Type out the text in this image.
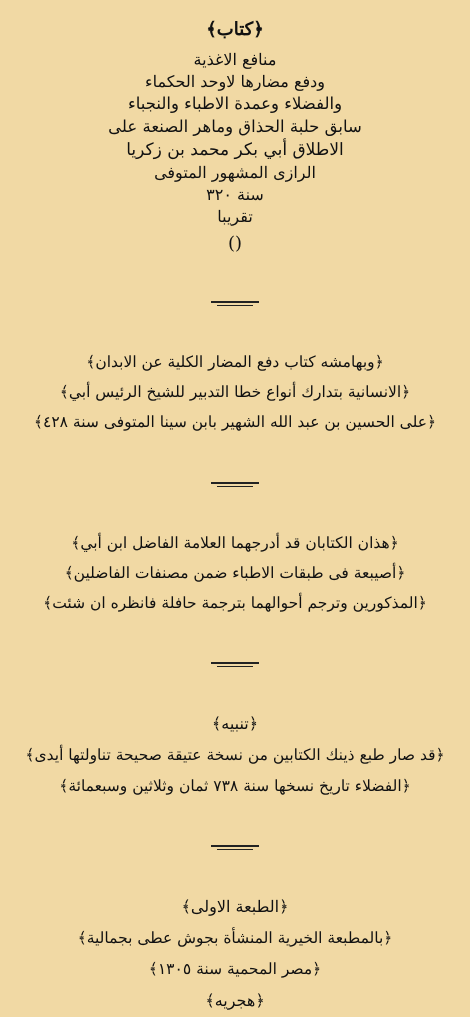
﴿كتاب﴾
منافع الاغذية
ودفع مضارها لاوحد الحكماء
والفضلاء وعمدة الاطباء والنجباء
سابق حلبة الحذاق وماهر الصنعة على
الاطلاق أبي بكر محمد بن زكريا
الرازى المشهور المتوفى
سنة ٣٢٠
تقريبا
()
﴿وبهامشه كتاب دفع المضار الكلية عن الابدان﴾
﴿الانسانية بتدارك أنواع خطا التدبير للشيخ الرئيس أبي﴾
﴿على الحسين بن عبد الله الشهير بابن سينا المتوفى سنة ٤٢٨﴾
﴿هذان الكتابان قد أدرجهما العلامة الفاضل ابن أبي﴾
﴿أصيبعة فى طبقات الاطباء ضمن مصنفات الفاضلين﴾
﴿المذكورين وترجم أحوالهما بترجمة حافلة فانظره ان شئت﴾
﴿تنبيه﴾
﴿قد صار طبع ذينك الكتابين من نسخة عتيقة صحيحة تناولتها أيدى﴾
﴿الفضلاء تاريخ نسخها سنة ٧٣٨ ثمان وثلاثين وسبعمائة﴾
﴿الطبعة الاولى﴾
﴿بالمطبعة الخيرية المنشأة بجوش عطى بجمالية﴾
﴿مصر المحمية سنة ١٣٠٥﴾
﴿هجريه﴾
